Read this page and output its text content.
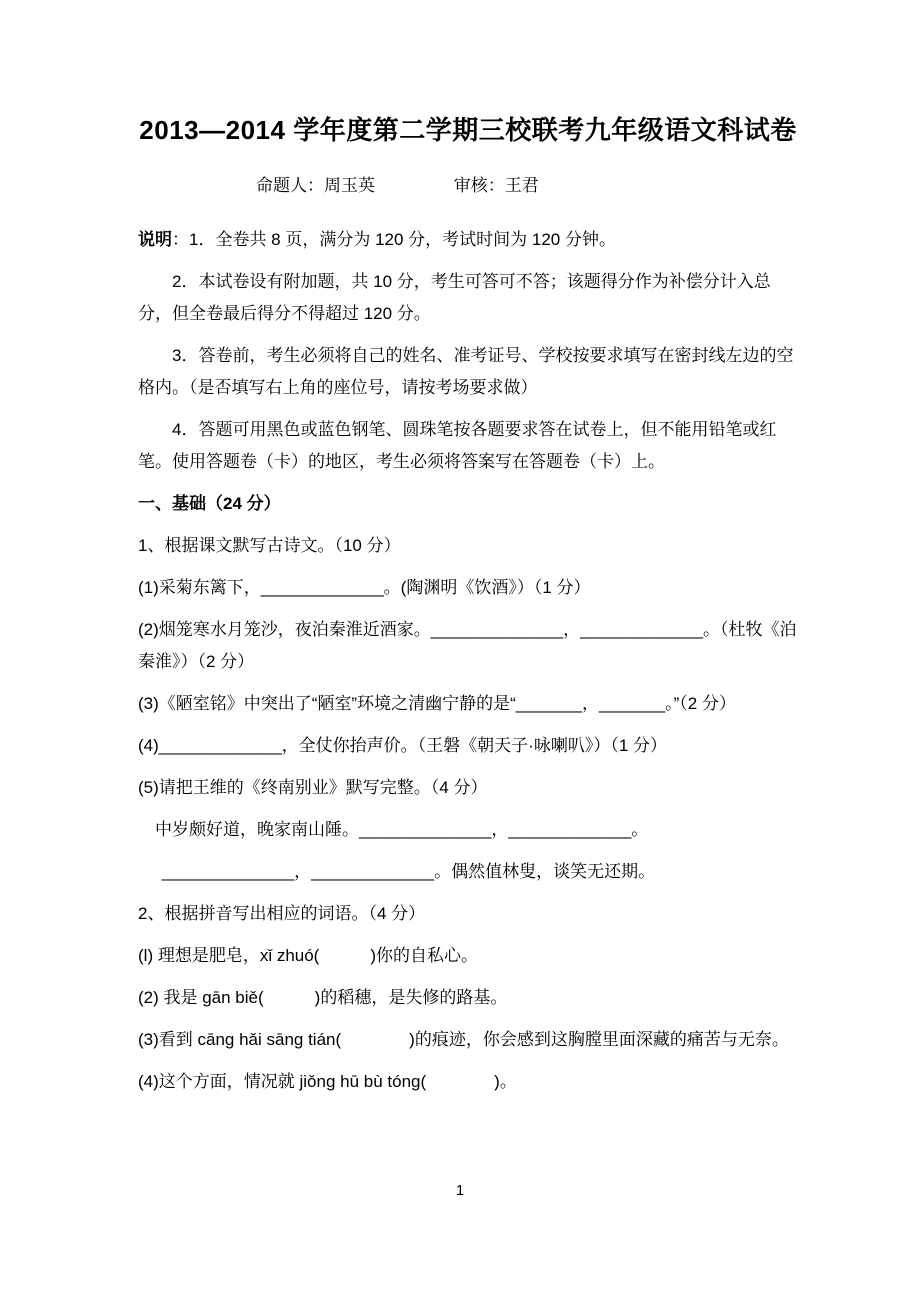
2013—2014 学年度第二学期三校联考九年级语文科试卷
命题人：周玉英	审核：王君

说明：1．全卷共 8 页，满分为 120 分，考试时间为 120 分钟。

2．本试卷设有附加题，共 10 分，考生可答可不答；该题得分作为补偿分计入总分，但全卷最后得分不得超过 120 分。

3．答卷前，考生必须将自己的姓名、准考证号、学校按要求填写在密封线左边的空格内。（是否填写右上角的座位号，请按考场要求做）

4．答题可用黑色或蓝色钢笔、圆珠笔按各题要求答在试卷上，但不能用铅笔或红笔。使用答题卷（卡）的地区，考生必须将答案写在答题卷（卡）上。

一、基础（24 分）

1、根据课文默写古诗文。（10 分）

(1)采菊东篱下，_____________。(陶渊明《饮酒》）（1 分）

(2)烟笼寒水月笼沙，夜泊秦淮近酒家。______________，_____________。（杜牧《泊秦淮》）（2 分）

(3)《陋室铭》中突出了“陋室”环境之清幽宁静的是“_______，_______。”（2 分）

(4)_____________，全仗你抬声价。（王磐《朝天子·咏喇叭》）（1 分）

(5)请把王维的《终南别业》默写完整。（4 分）

中岁颇好道，晚家南山陲。______________，_____________。

______________，_____________。偶然值林叟，谈笑无还期。

2、根据拼音写出相应的词语。（4 分）

(l) 理想是肥皂，xǐ zhuó(　　　)你的自私心。

(2) 我是 gān biě(　　　)的稻穗，是失修的路基。

(3)看到 cāng hǎi sāng tián(　　　　)的痕迹，你会感到这胸膛里面深藏的痛苦与无奈。

(4)这个方面，情况就 jiǒng hū bù tóng(　　　　)。

1
